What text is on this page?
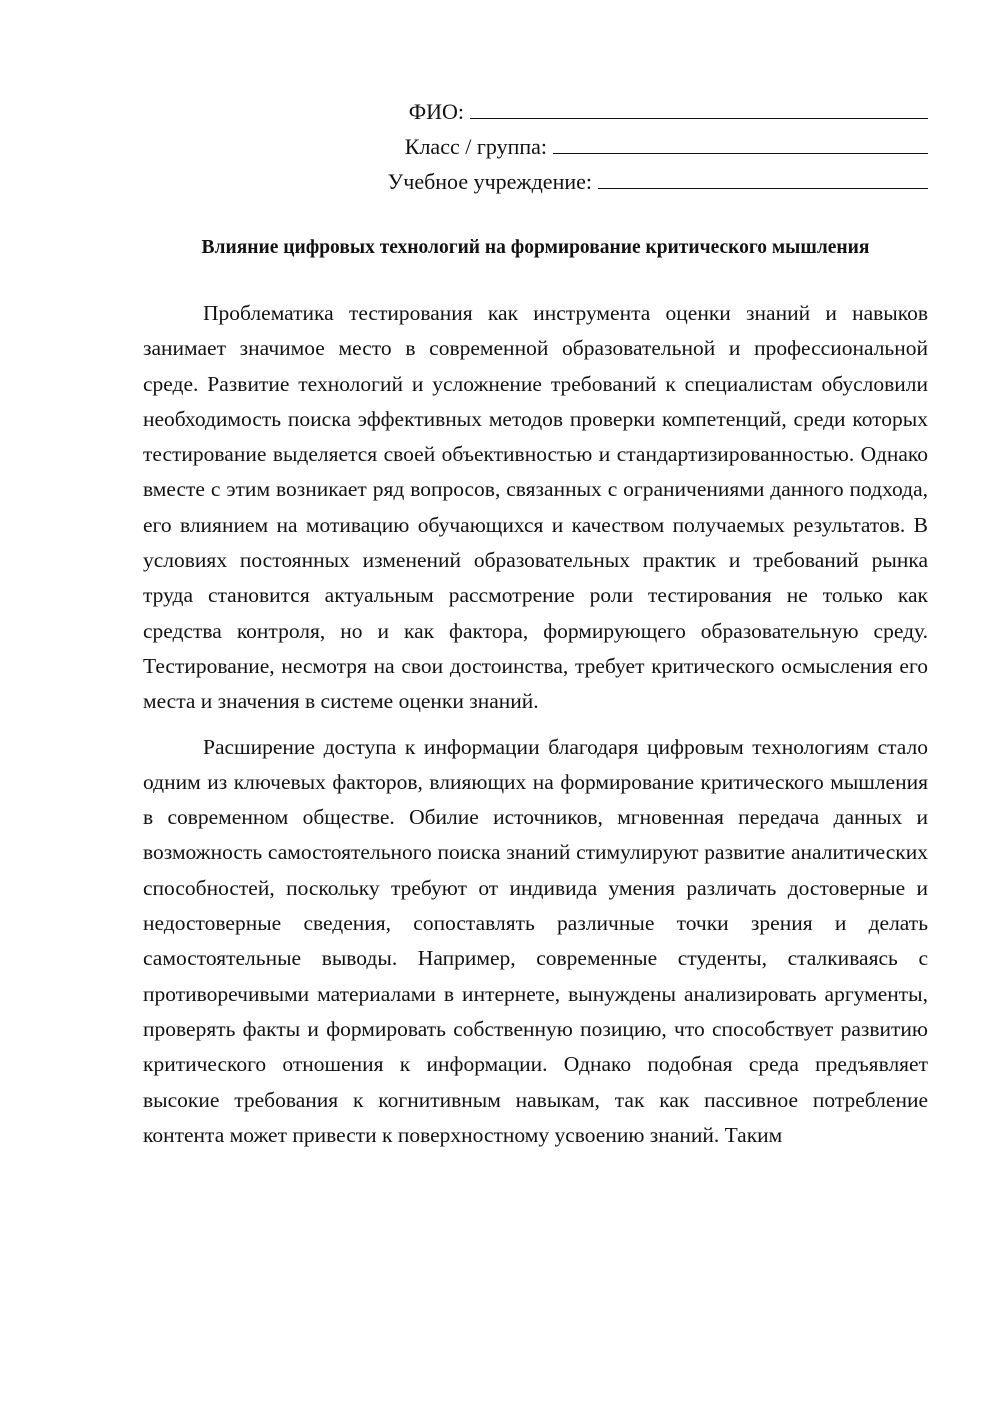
ФИО:
Класс / группа:
Учебное учреждение:
Влияние цифровых технологий на формирование критического мышления

Проблематика тестирования как инструмента оценки знаний и навыков занимает значимое место в современной образовательной и профессиональной среде. Развитие технологий и усложнение требований к специалистам обусловили необходимость поиска эффективных методов проверки компетенций, среди которых тестирование выделяется своей объективностью и стандартизированностью. Однако вместе с этим возникает ряд вопросов, связанных с ограничениями данного подхода, его влиянием на мотивацию обучающихся и качеством получаемых результатов. В условиях постоянных изменений образовательных практик и требований рынка труда становится актуальным рассмотрение роли тестирования не только как средства контроля, но и как фактора, формирующего образовательную среду. Тестирование, несмотря на свои достоинства, требует критического осмысления его места и значения в системе оценки знаний.

Расширение доступа к информации благодаря цифровым технологиям стало одним из ключевых факторов, влияющих на формирование критического мышления в современном обществе. Обилие источников, мгновенная передача данных и возможность самостоятельного поиска знаний стимулируют развитие аналитических способностей, поскольку требуют от индивида умения различать достоверные и недостоверные сведения, сопоставлять различные точки зрения и делать самостоятельные выводы. Например, современные студенты, сталкиваясь с противоречивыми материалами в интернете, вынуждены анализировать аргументы, проверять факты и формировать собственную позицию, что способствует развитию критического отношения к информации. Однако подобная среда предъявляет высокие требования к когнитивным навыкам, так как пассивное потребление контента может привести к поверхностному усвоению знаний. Таким
